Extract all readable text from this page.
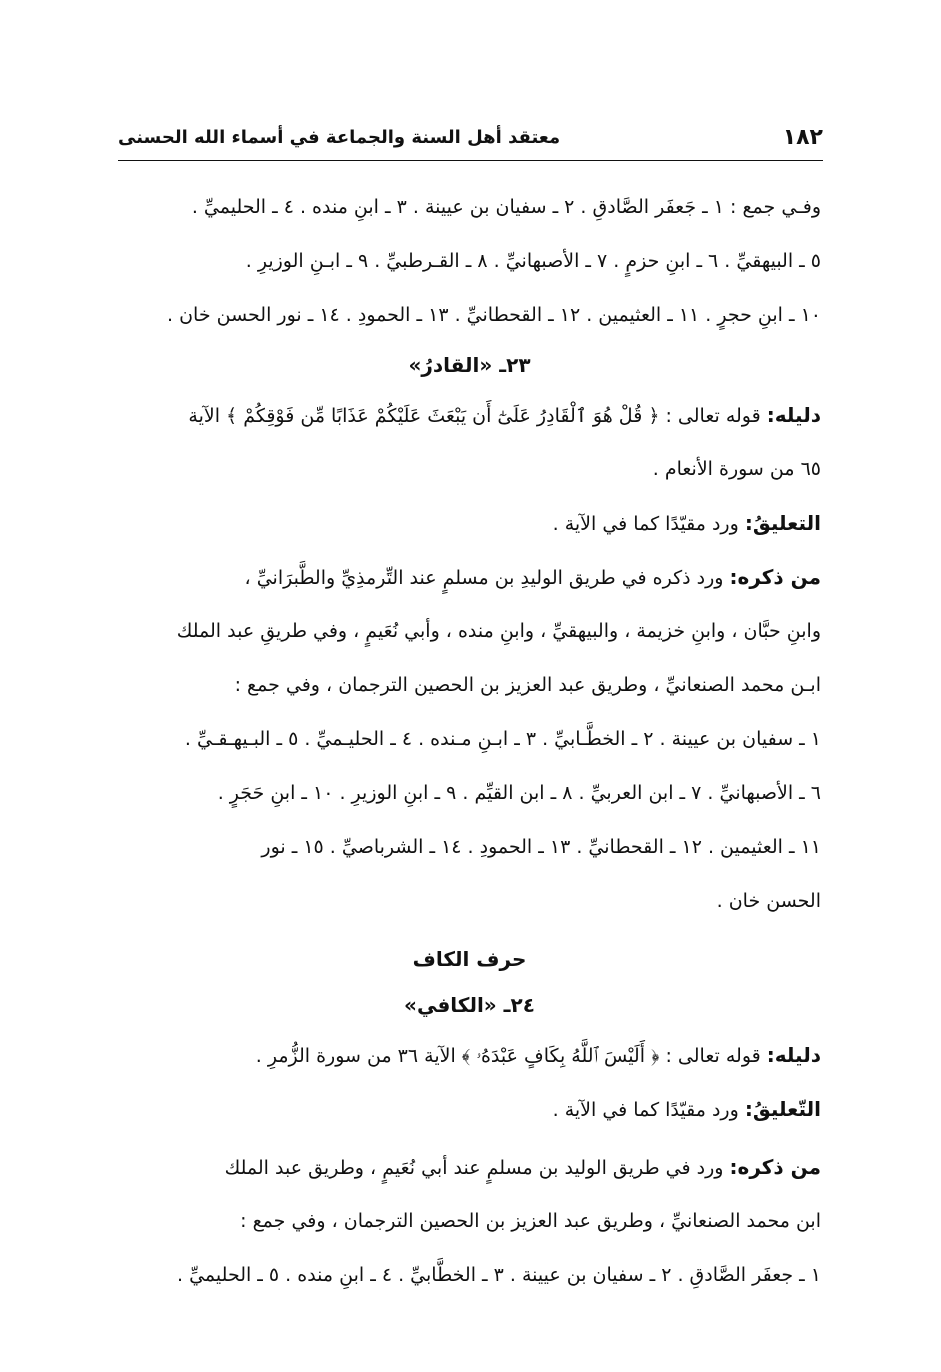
١٨٢
معتقد أهل السنة والجماعة في أسماء الله الحسنى
وفـي جمع : ١ ـ جَعفَر الصَّادقِ . ٢ ـ سفيان بن عيينة . ٣ ـ ابنِ منده . ٤ ـ الحليميِّ .
٥ ـ البيهقيِّ . ٦ ـ ابنِ حزمٍ . ٧ ـ الأصبهانيِّ . ٨ ـ القـرطبيِّ . ٩ ـ ابـنِ الوزيرِ .
١٠ ـ ابنِ حجرٍ . ١١ ـ العثيمين . ١٢ ـ القحطانيِّ . ١٣ ـ الحمودِ . ١٤ ـ نور الحسن خان .
٢٣ـ «القادرُ»
دليله: قوله تعالى : ﴿ قُلْ هُوَ ٱلْقَادِرُ عَلَىٰٓ أَن يَبْعَثَ عَلَيْكُمْ عَذَابًا مِّن فَوْقِكُمْ ﴾ الآية
٦٥ من سورة الأنعام .
التعليقُ: ورد مقيّدًا كما في الآية .
من ذكره: ورد ذكره في طريق الوليدِ بن مسلمٍ عند التِّرمذِيِّ والطَّبرَانيِّ ،
وابنِ حبَّان ، وابنِ خزيمة ، والبيهقيِّ ، وابنِ منده ، وأبي نُعَيمٍ ، وفي طريقِ عبد الملك
ابـن محمد الصنعانيِّ ، وطريق عبد العزيز بن الحصين الترجمان ، وفي جمع :
١ ـ سفيان بن عيينة . ٢ ـ الخطَّـابيِّ . ٣ ـ ابـنِ مـنده . ٤ ـ الحليـميِّ . ٥ ـ البـيهـقـيِّ .
٦ ـ الأصبهانيِّ . ٧ ـ ابن العربيِّ . ٨ ـ ابن القيِّم . ٩ ـ ابنِ الوزيرِ . ١٠ ـ ابنِ حَجَرٍ .
١١ ـ العثيمين . ١٢ ـ القحطانيِّ . ١٣ ـ الحمودِ . ١٤ ـ الشرباصيِّ . ١٥ ـ نور
الحسن خان .
حرف الكاف
٢٤ـ «الكافي»
دليله: قوله تعالى : ﴿ أَلَيْسَ ٱللَّهُ بِكَافٍ عَبْدَهُۥ ﴾ الآية ٣٦ من سورة الزُّمرِ .
التّعليقُ: ورد مقيّدًا كما في الآية .
من ذكره: ورد في طريق الوليد بن مسلمٍ عند أبي نُعَيمٍ ، وطريق عبد الملك
ابن محمد الصنعانيِّ ، وطريق عبد العزيز بن الحصين الترجمان ، وفي جمع :
١ ـ جعفَر الصَّادقِ . ٢ ـ سفيان بن عيينة . ٣ ـ الخطَّابيِّ . ٤ ـ ابنِ منده . ٥ ـ الحليميِّ .
